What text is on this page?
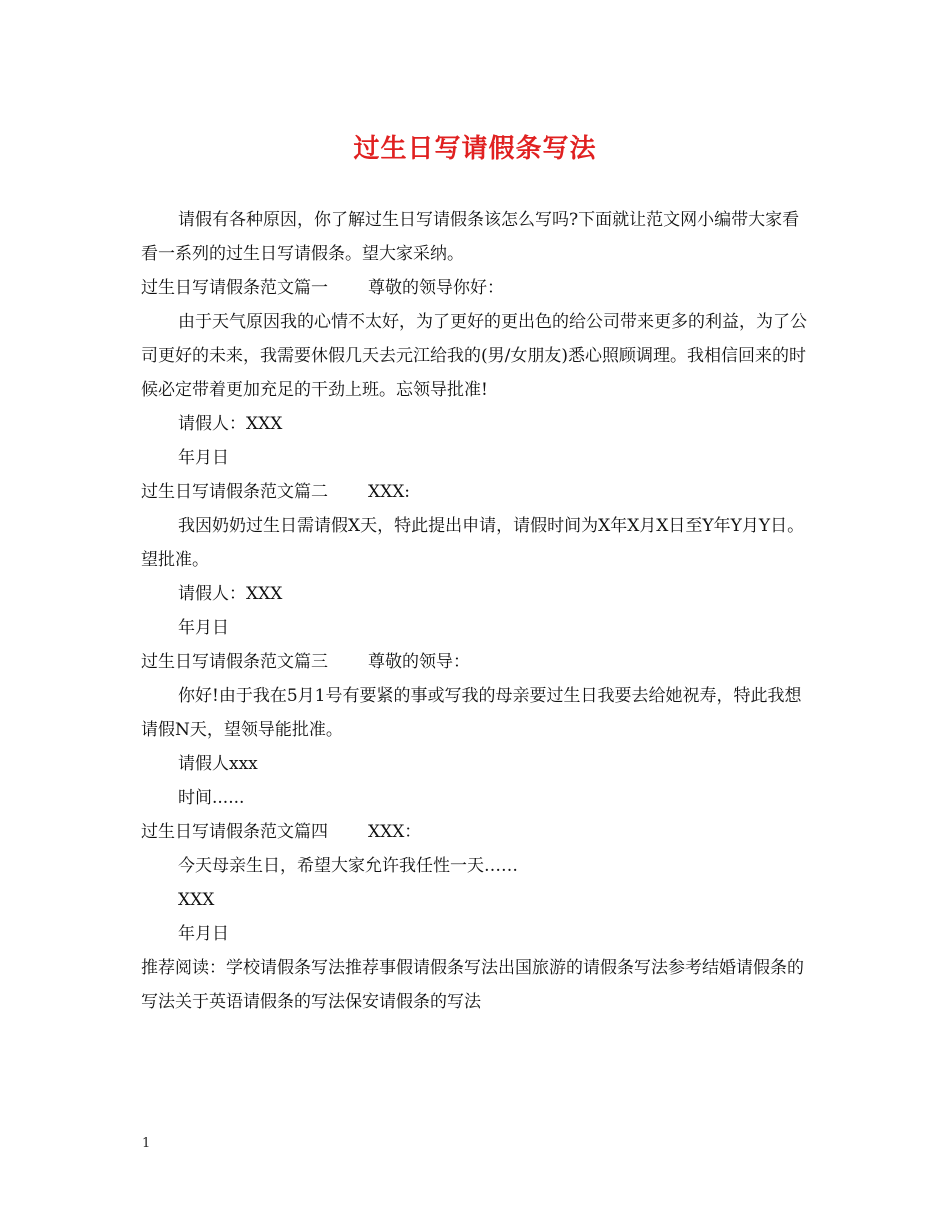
过生日写请假条写法

请假有各种原因，你了解过生日写请假条该怎么写吗?下面就让范文网小编带大家看看一系列的过生日写请假条。望大家采纳。

过生日写请假条范文篇一 尊敬的领导你好：

由于天气原因我的心情不太好，为了更好的更出色的给公司带来更多的利益，为了公司更好的未来，我需要休假几天去元江给我的(男/女朋友)悉心照顾调理。我相信回来的时候必定带着更加充足的干劲上班。忘领导批准!

请假人：XXX

年月日

过生日写请假条范文篇二 XXX:

我因奶奶过生日需请假X天，特此提出申请，请假时间为X年X月X日至Y年Y月Y日。望批准。

请假人：XXX

年月日

过生日写请假条范文篇三 尊敬的领导：

你好!由于我在5月1号有要紧的事或写我的母亲要过生日我要去给她祝寿，特此我想请假N天，望领导能批准。

请假人xxx

时间......

过生日写请假条范文篇四 XXX：

今天母亲生日，希望大家允许我任性一天……

XXX

年月日

推荐阅读：学校请假条写法推荐事假请假条写法出国旅游的请假条写法参考结婚请假条的写法关于英语请假条的写法保安请假条的写法

1
